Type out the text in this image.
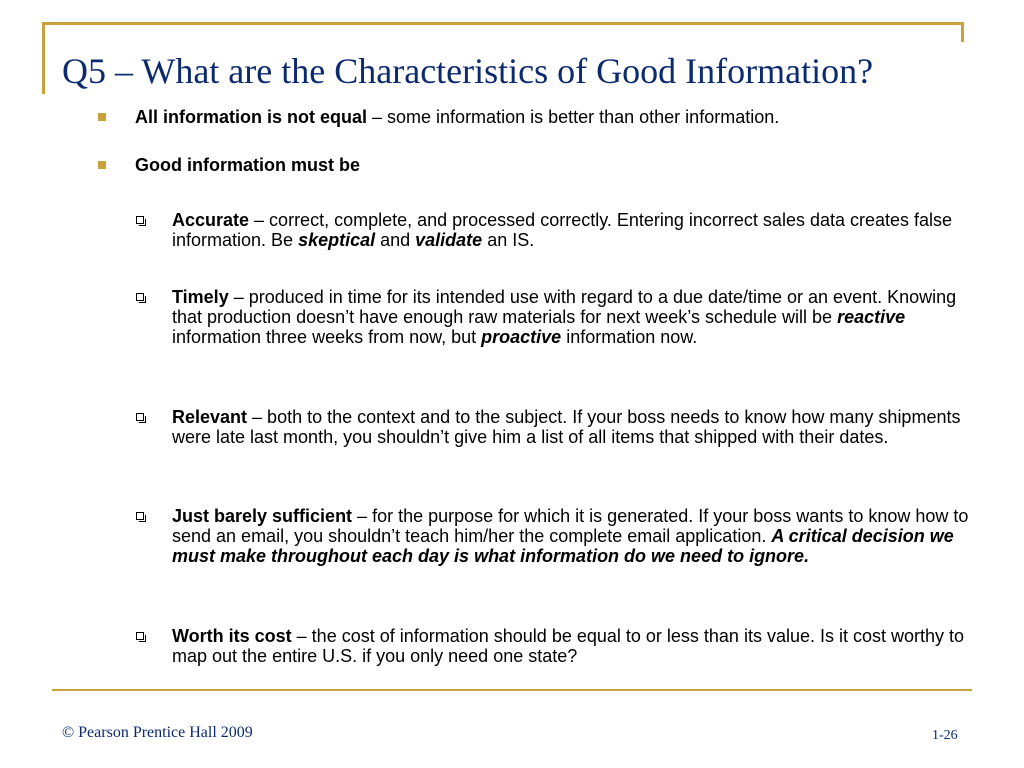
Q5 – What are the Characteristics of Good Information?
All information is not equal – some information is better than other information.
Good information must be
Accurate – correct, complete, and processed correctly. Entering incorrect sales data creates false information. Be skeptical and validate an IS.
Timely – produced in time for its intended use with regard to a due date/time or an event. Knowing that production doesn’t have enough raw materials for next week’s schedule will be reactive information three weeks from now, but proactive information now.
Relevant – both to the context and to the subject. If your boss needs to know how many shipments were late last month, you shouldn’t give him a list of all items that shipped with their dates.
Just barely sufficient – for the purpose for which it is generated. If your boss wants to know how to send an email, you shouldn’t teach him/her the complete email application. A critical decision we must make throughout each day is what information do we need to ignore.
Worth its cost – the cost of information should be equal to or less than its value. Is it cost worthy to map out the entire U.S. if you only need one state?
© Pearson Prentice Hall 2009	1-26
